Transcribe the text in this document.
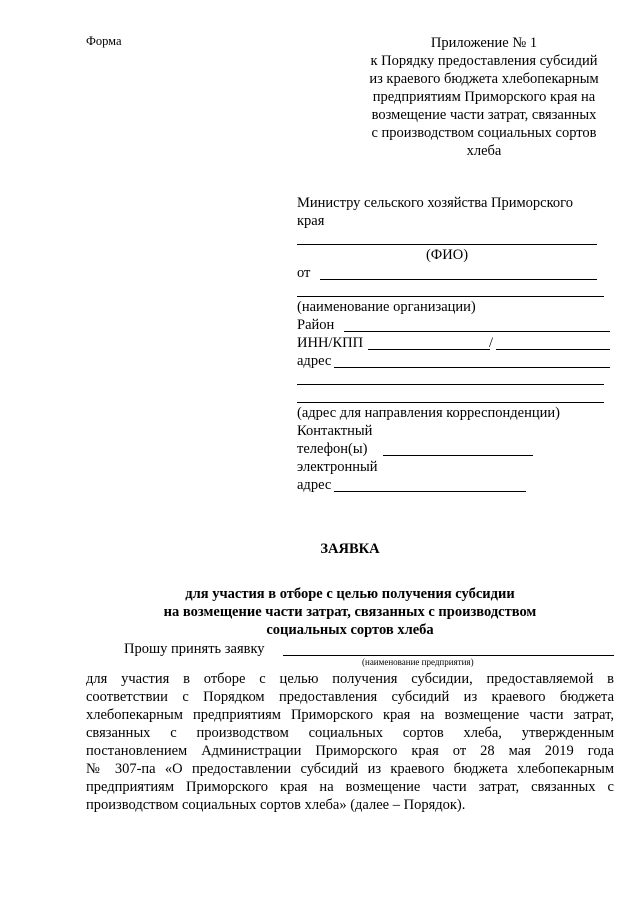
Форма	Приложение № 1
к Порядку предоставления субсидий
из краевого бюджета хлебопекарным
предприятиям Приморского края на
возмещение части затрат, связанных
с производством социальных сортов
хлеба
Министру сельского хозяйства Приморского
края
(ФИО)
от
(наименование организации)
Район
ИНН/КПП	/
адрес
(адрес для направления корреспонденции)
Контактный
телефон(ы)
электронный
адрес
ЗАЯВКА
для участия в отборе с целью получения субсидии
на возмещение части затрат, связанных с производством
социальных сортов хлеба
Прошу принять заявку
(наименование предприятия)
для участия в отборе с целью получения субсидии, предоставляемой в
соответствии с Порядком предоставления субсидий из краевого бюджета
хлебопекарным предприятиям Приморского края на возмещение части затрат,
связанных с производством социальных сортов хлеба, утвержденным
постановлением Администрации Приморского края от 28 мая 2019 года
№ 307-па «О предоставлении субсидий из краевого бюджета хлебопекарным
предприятиям Приморского края на возмещение части затрат, связанных с
производством социальных сортов хлеба» (далее – Порядок).
